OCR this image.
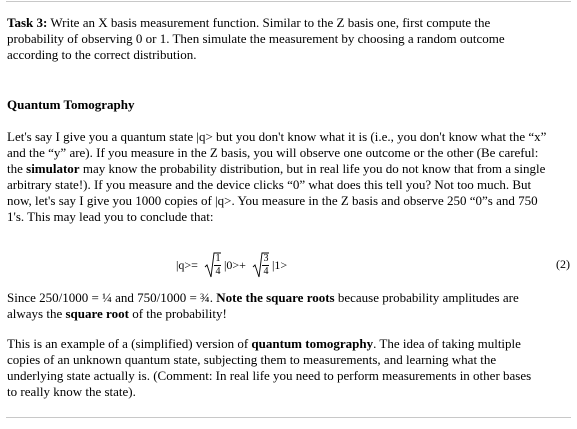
Task 3: Write an X basis measurement function. Similar to the Z basis one, first compute the
probability of observing 0 or 1. Then simulate the measurement by choosing a random outcome
according to the correct distribution.

Quantum Tomography

Let's say I give you a quantum state |q> but you don't know what it is (i.e., you don't know what the “x”
and the “y” are). If you measure in the Z basis, you will observe one outcome or the other (Be careful:
the simulator may know the probability distribution, but in real life you do not know that from a single
arbitrary state!). If you measure and the device clicks “0” what does this tell you? Not too much. But
now, let's say I give you 1000 copies of |q>. You measure in the Z basis and observe 250 “0”s and 750
1's. This may lead you to conclude that:

|q>= 1
4 |0>+ 3
4 |1>	(2)

Since 250/1000 = ¼ and 750/1000 = ¾. Note the square roots because probability amplitudes are
always the square root of the probability!

This is an example of a (simplified) version of quantum tomography. The idea of taking multiple
copies of an unknown quantum state, subjecting them to measurements, and learning what the
underlying state actually is. (Comment: In real life you need to perform measurements in other bases
to really know the state).
